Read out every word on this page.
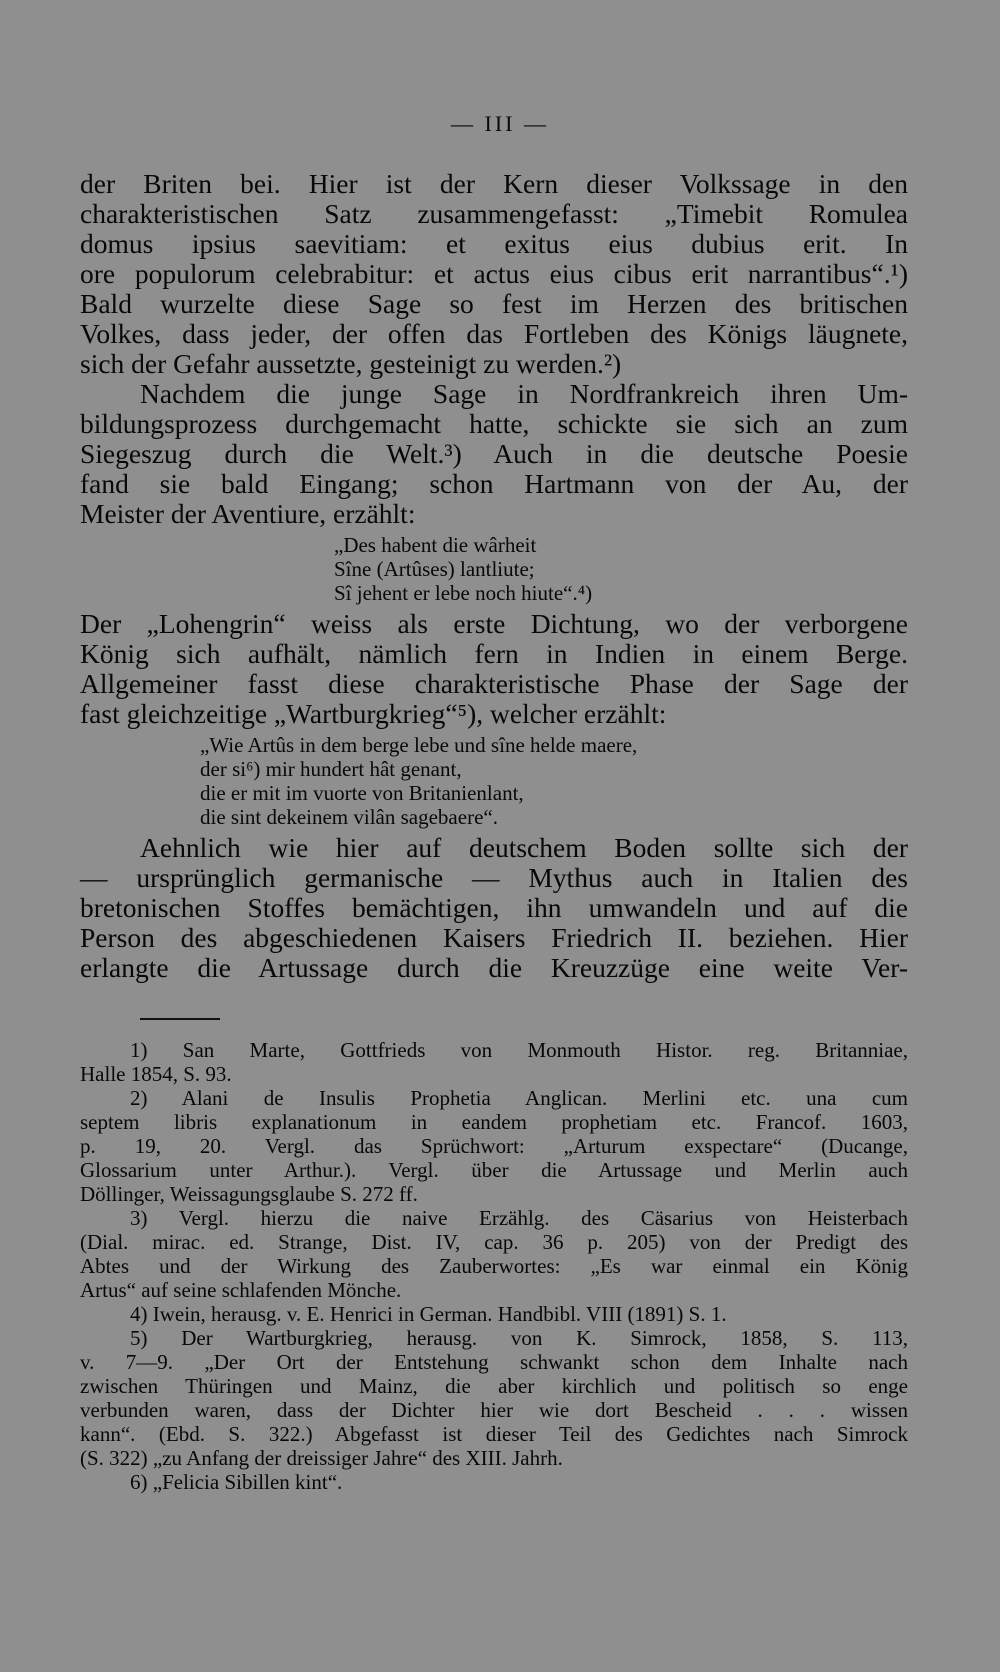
— III —
der Briten bei. Hier ist der Kern dieser Volkssage in den
charakteristischen Satz zusammengefasst: „Timebit Romulea
domus ipsius saevitiam: et exitus eius dubius erit. In
ore populorum celebrabitur: et actus eius cibus erit narrantibus“.¹)
Bald wurzelte diese Sage so fest im Herzen des britischen
Volkes, dass jeder, der offen das Fortleben des Königs läugnete,
sich der Gefahr aussetzte, gesteinigt zu werden.²)
Nachdem die junge Sage in Nordfrankreich ihren Um-
bildungsprozess durchgemacht hatte, schickte sie sich an zum
Siegeszug durch die Welt.³) Auch in die deutsche Poesie
fand sie bald Eingang; schon Hartmann von der Au, der
Meister der Aventiure, erzählt:
„Des habent die wârheit
Sîne (Artûses) lantliute;
Sî jehent er lebe noch hiute“.⁴)
Der „Lohengrin“ weiss als erste Dichtung, wo der verborgene
König sich aufhält, nämlich fern in Indien in einem Berge.
Allgemeiner fasst diese charakteristische Phase der Sage der
fast gleichzeitige „Wartburgkrieg“⁵), welcher erzählt:
„Wie Artûs in dem berge lebe und sîne helde maere,
der si⁶) mir hundert hât genant,
die er mit im vuorte von Britanienlant,
die sint dekeinem vilân sagebaere“.
Aehnlich wie hier auf deutschem Boden sollte sich der
— ursprünglich germanische — Mythus auch in Italien des
bretonischen Stoffes bemächtigen, ihn umwandeln und auf die
Person des abgeschiedenen Kaisers Friedrich II. beziehen. Hier
erlangte die Artussage durch die Kreuzzüge eine weite Ver-
1) San Marte, Gottfrieds von Monmouth Histor. reg. Britanniae,
Halle 1854, S. 93.
2) Alani de Insulis Prophetia Anglican. Merlini etc. una cum
septem libris explanationum in eandem prophetiam etc. Francof. 1603,
p. 19, 20. Vergl. das Sprüchwort: „Arturum exspectare“ (Ducange,
Glossarium unter Arthur.). Vergl. über die Artussage und Merlin auch
Döllinger, Weissagungsglaube S. 272 ff.
3) Vergl. hierzu die naive Erzählg. des Cäsarius von Heisterbach
(Dial. mirac. ed. Strange, Dist. IV, cap. 36 p. 205) von der Predigt des
Abtes und der Wirkung des Zauberwortes: „Es war einmal ein König
Artus“ auf seine schlafenden Mönche.
4) Iwein, herausg. v. E. Henrici in German. Handbibl. VIII (1891) S. 1.
5) Der Wartburgkrieg, herausg. von K. Simrock, 1858, S. 113,
v. 7—9. „Der Ort der Entstehung schwankt schon dem Inhalte nach
zwischen Thüringen und Mainz, die aber kirchlich und politisch so enge
verbunden waren, dass der Dichter hier wie dort Bescheid . . . wissen
kann“. (Ebd. S. 322.) Abgefasst ist dieser Teil des Gedichtes nach Simrock
(S. 322) „zu Anfang der dreissiger Jahre“ des XIII. Jahrh.
6) „Felicia Sibillen kint“.
